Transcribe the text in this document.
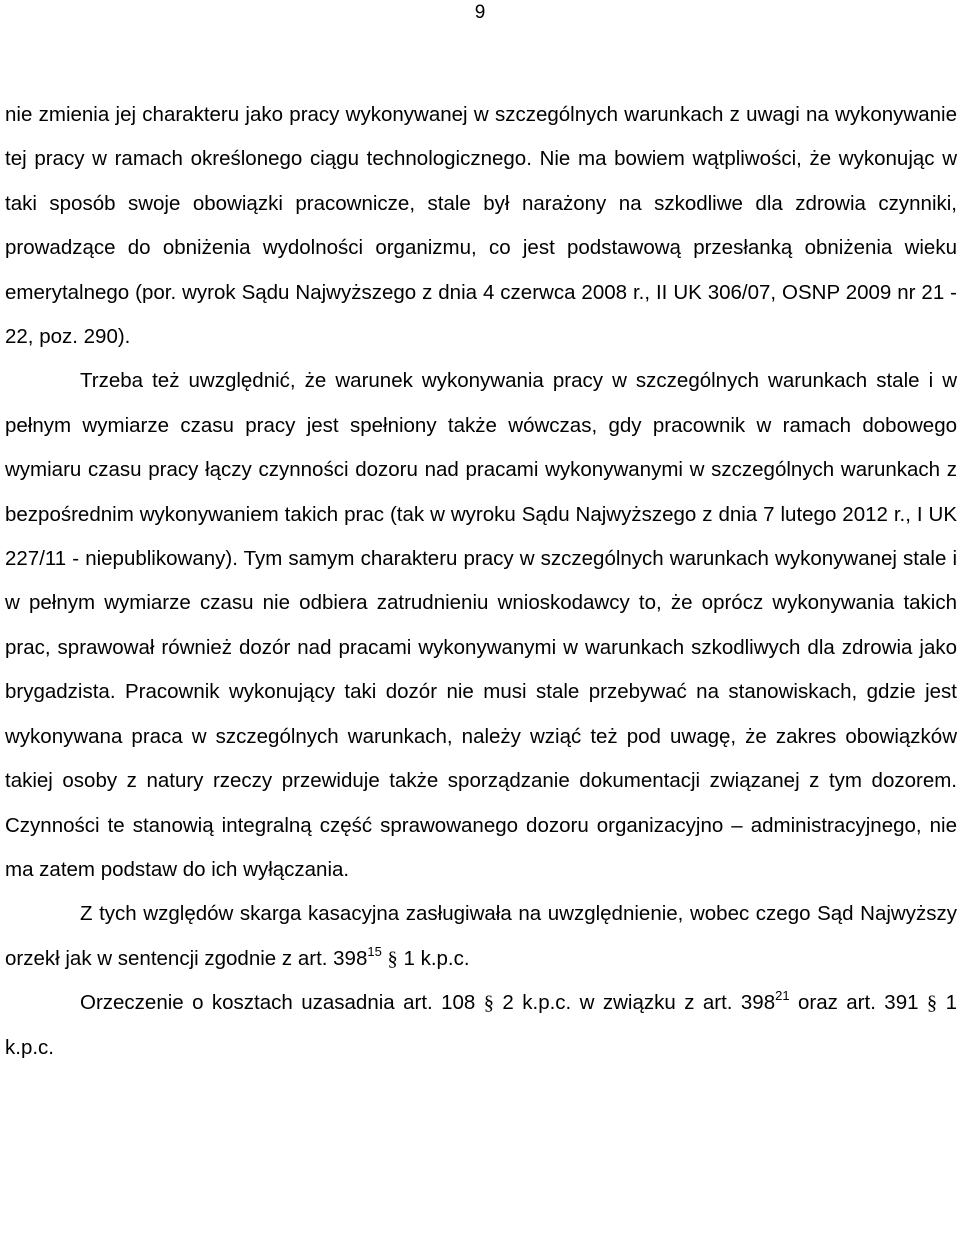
9

nie zmienia jej charakteru jako pracy wykonywanej w szczególnych warunkach z uwagi na wykonywanie tej pracy w ramach określonego ciągu technologicznego. Nie ma bowiem wątpliwości, że wykonując w taki sposób swoje obowiązki pracownicze, stale był narażony na szkodliwe dla zdrowia czynniki, prowadzące do obniżenia wydolności organizmu, co jest podstawową przesłanką obniżenia wieku emerytalnego (por. wyrok Sądu Najwyższego z dnia 4 czerwca 2008 r., II UK 306/07, OSNP 2009 nr 21 - 22, poz. 290).

Trzeba też uwzględnić, że warunek wykonywania pracy w szczególnych warunkach stale i w pełnym wymiarze czasu pracy jest spełniony także wówczas, gdy pracownik w ramach dobowego wymiaru czasu pracy łączy czynności dozoru nad pracami wykonywanymi w szczególnych warunkach z bezpośrednim wykonywaniem takich prac (tak w wyroku Sądu Najwyższego z dnia 7 lutego 2012 r., I UK 227/11 - niepublikowany). Tym samym charakteru pracy w szczególnych warunkach wykonywanej stale i w pełnym wymiarze czasu nie odbiera zatrudnieniu wnioskodawcy to, że oprócz wykonywania takich prac, sprawował również dozór nad pracami wykonywanymi w warunkach szkodliwych dla zdrowia jako brygadzista. Pracownik wykonujący taki dozór nie musi stale przebywać na stanowiskach, gdzie jest wykonywana praca w szczególnych warunkach, należy wziąć też pod uwagę, że zakres obowiązków takiej osoby z natury rzeczy przewiduje także sporządzanie dokumentacji związanej z tym dozorem. Czynności te stanowią integralną część sprawowanego dozoru organizacyjno – administracyjnego, nie ma zatem podstaw do ich wyłączania.

Z tych względów skarga kasacyjna zasługiwała na uwzględnienie, wobec czego Sąd Najwyższy orzekł jak w sentencji zgodnie z art. $398^{15}$ § 1 k.p.c.

Orzeczenie o kosztach uzasadnia art. 108 § 2 k.p.c. w związku z art. $398^{21}$ oraz art. 391 § 1 k.p.c.
